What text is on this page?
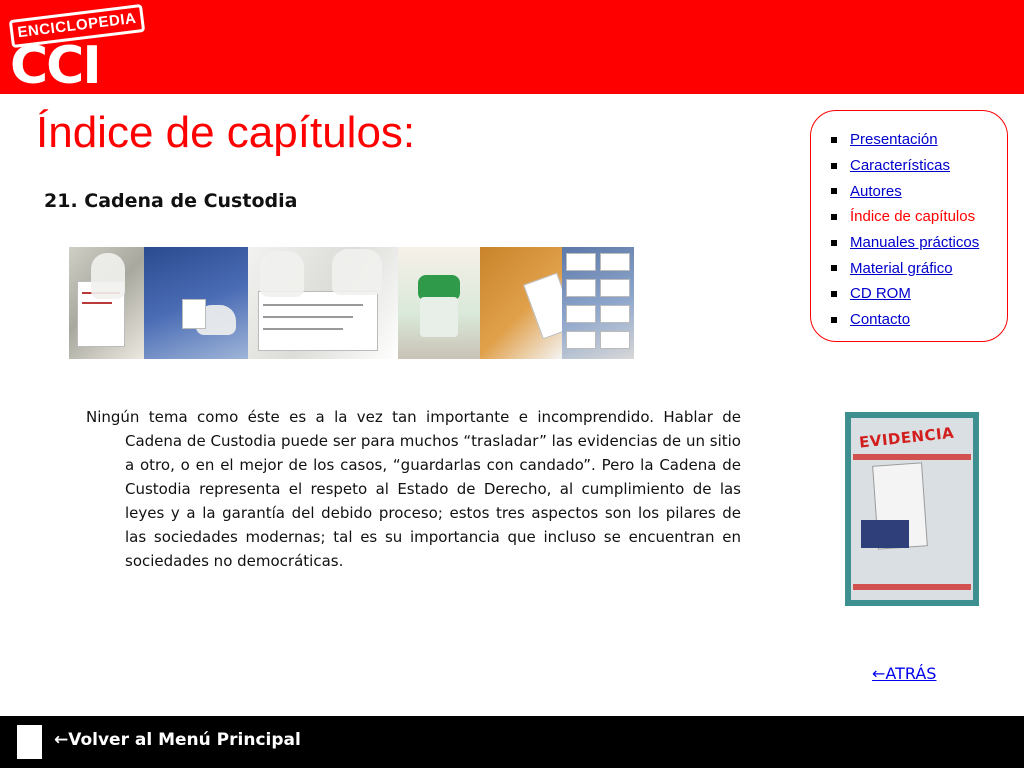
ENCICLOPEDIA
CCI
Índice de capítulos:
21. Cadena de Custodia

Ningún tema como éste es a la vez tan importante e incomprendido. Hablar de Cadena de Custodia puede ser para muchos “trasladar” las evidencias de un sitio a otro, o en el mejor de los casos, “guardarlas con candado”. Pero la Cadena de Custodia representa el respeto al Estado de Derecho, al cumplimiento de las leyes y a la garantía del debido proceso; estos tres aspectos son los pilares de las sociedades modernas; tal es su importancia que incluso se encuentran en sociedades no democráticas.

Presentación
Características
Autores
Índice de capítulos
Manuales prácticos
Material gráfico
CD ROM
Contacto
EVIDENCIA
←ATRÁS
←Volver al Menú Principal
